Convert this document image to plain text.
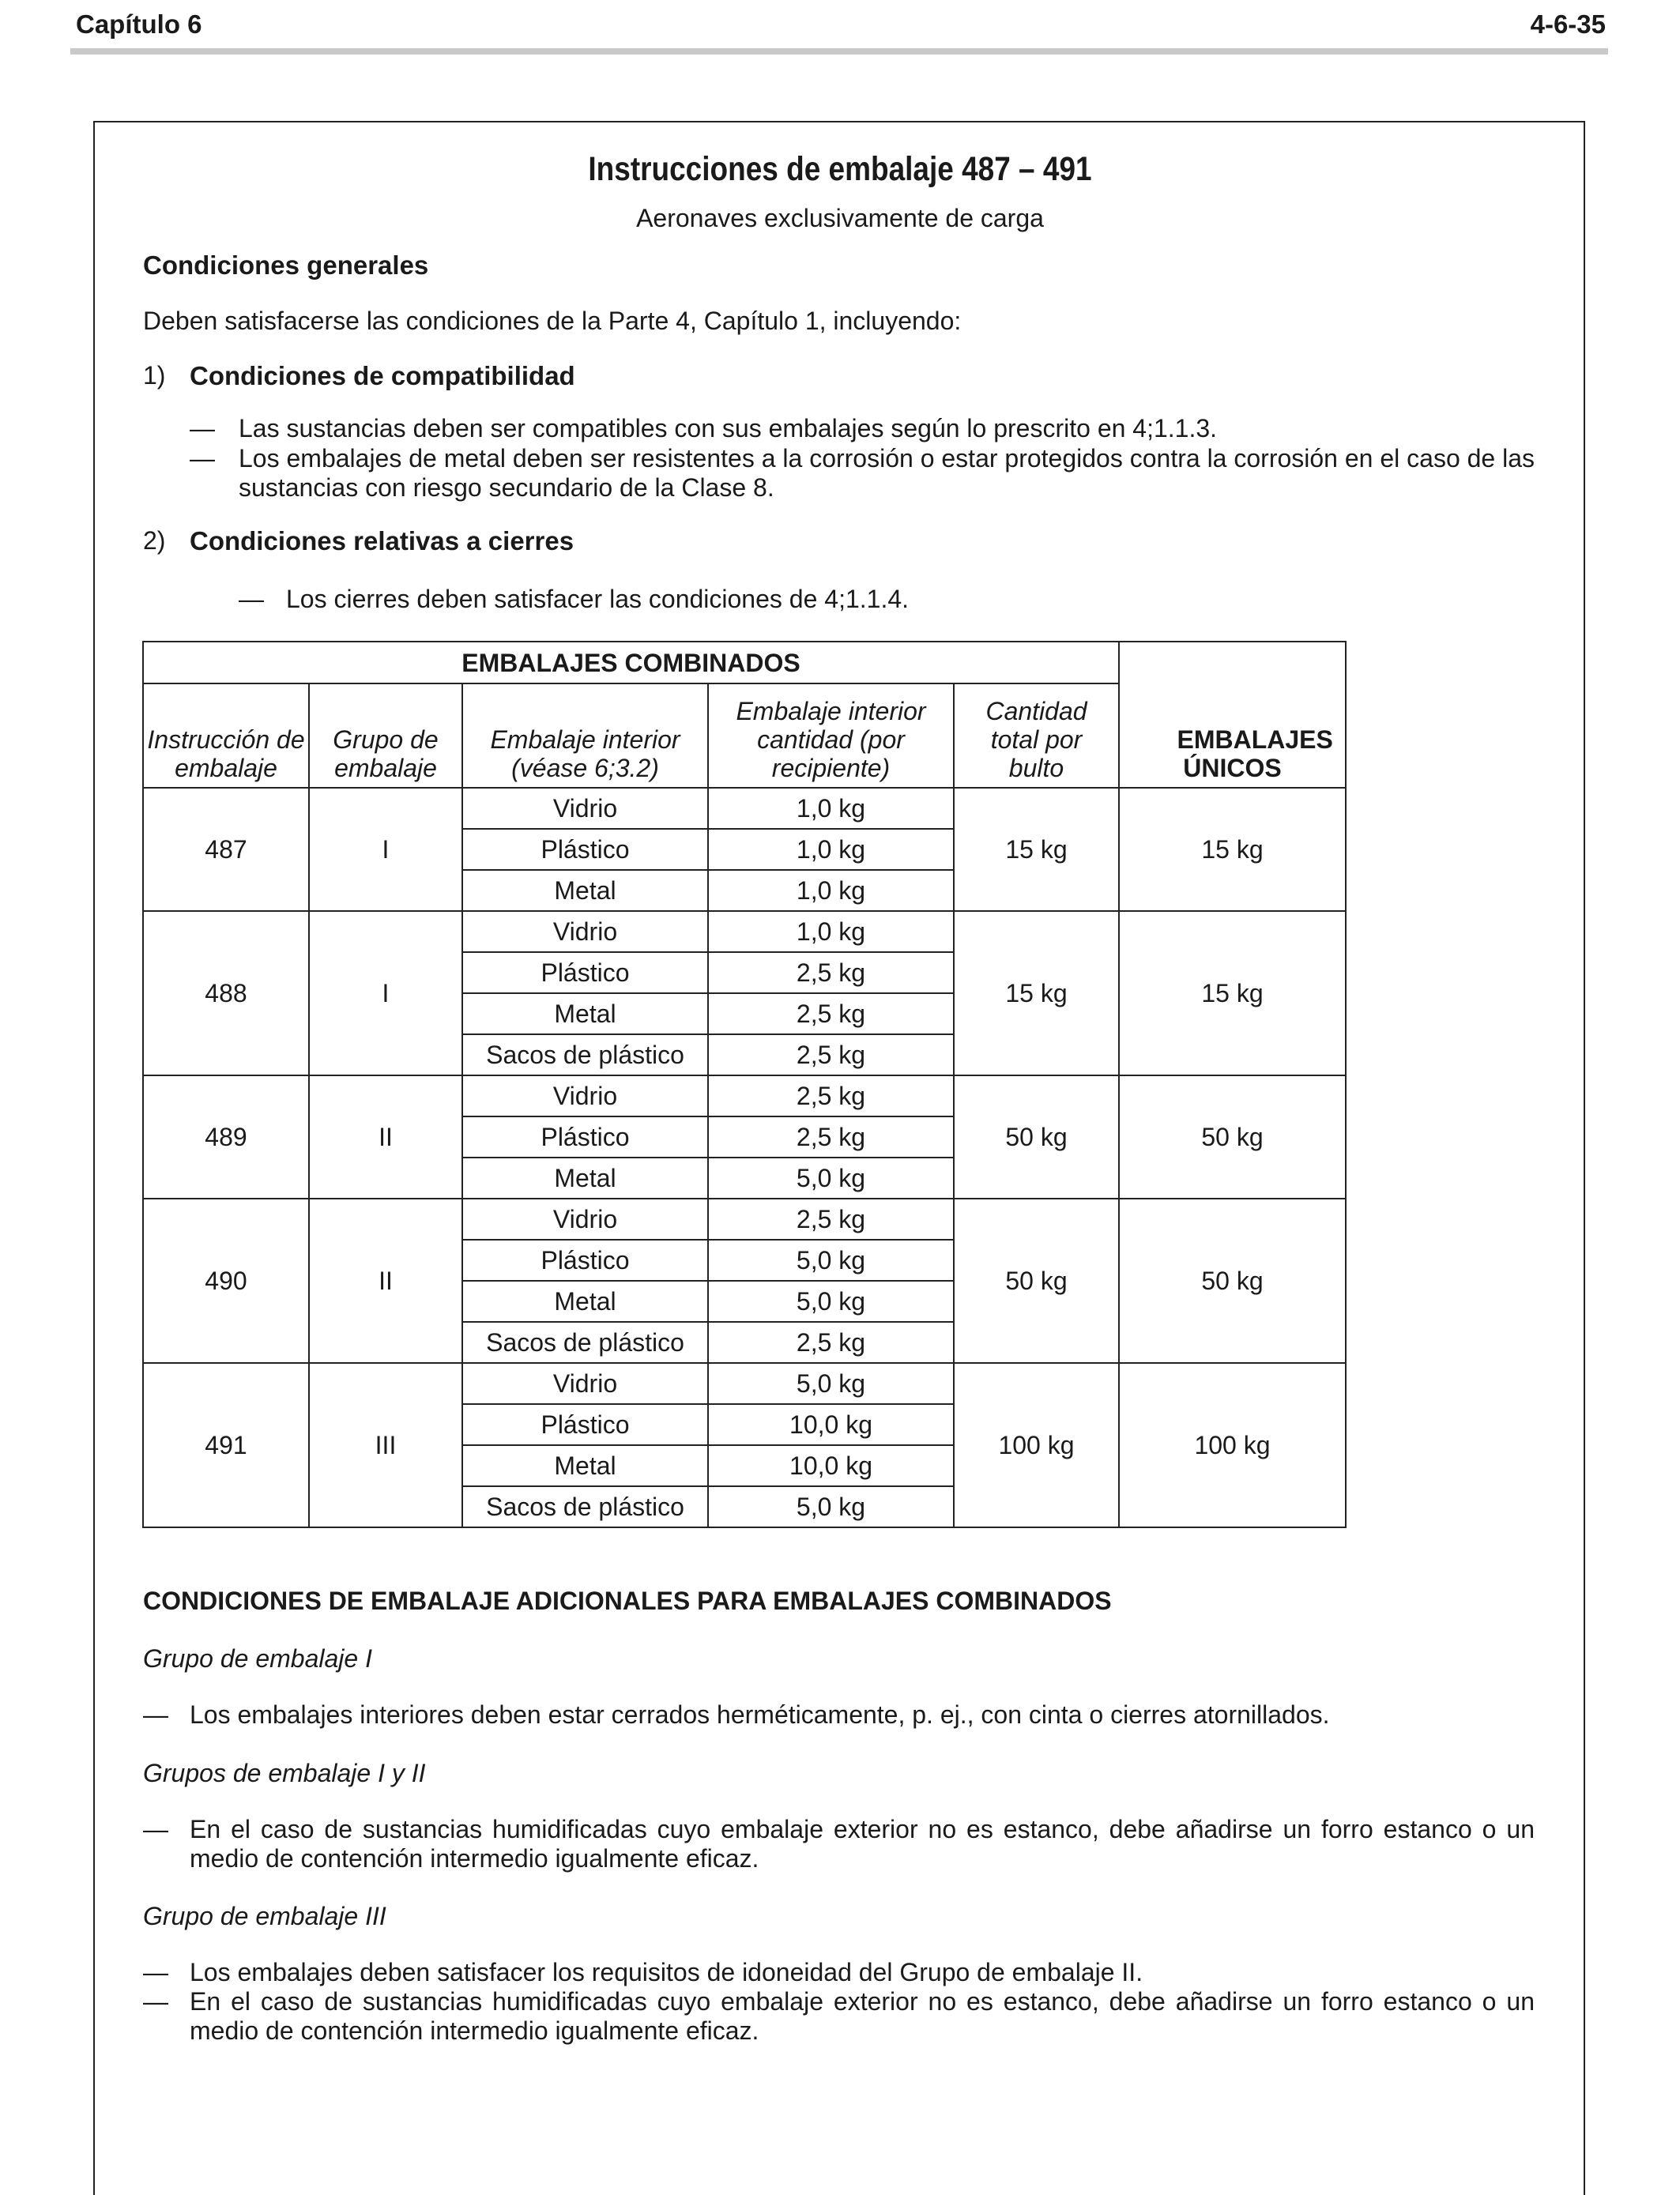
Capítulo 6	4-6-35
Instrucciones de embalaje 487 – 491
Aeronaves exclusivamente de carga
Condiciones generales
Deben satisfacerse las condiciones de la Parte 4, Capítulo 1, incluyendo:
1) Condiciones de compatibilidad
— Las sustancias deben ser compatibles con sus embalajes según lo prescrito en 4;1.1.3.
— Los embalajes de metal deben ser resistentes a la corrosión o estar protegidos contra la corrosión en el caso de las sustancias con riesgo secundario de la Clase 8.
2) Condiciones relativas a cierres
— Los cierres deben satisfacer las condiciones de 4;1.1.4.
EMBALAJES COMBINADOS					EMBALAJES ÚNICOS
Instrucción de embalaje	Grupo de embalaje	Embalaje interior (véase 6;3.2)	Embalaje interior cantidad (por recipiente)	Cantidad total por bulto	
487	I	Vidrio	1,0 kg	15 kg	15 kg
		Plástico	1,0 kg		
		Metal	1,0 kg		
488	I	Vidrio	1,0 kg	15 kg	15 kg
		Plástico	2,5 kg		
		Metal	2,5 kg		
		Sacos de plástico	2,5 kg		
489	II	Vidrio	2,5 kg	50 kg	50 kg
		Plástico	2,5 kg		
		Metal	5,0 kg		
490	II	Vidrio	2,5 kg	50 kg	50 kg
		Plástico	5,0 kg		
		Metal	5,0 kg		
		Sacos de plástico	2,5 kg		
491	III	Vidrio	5,0 kg	100 kg	100 kg
		Plástico	10,0 kg		
		Metal	10,0 kg		
		Sacos de plástico	5,0 kg		
CONDICIONES DE EMBALAJE ADICIONALES PARA EMBALAJES COMBINADOS
Grupo de embalaje I
— Los embalajes interiores deben estar cerrados herméticamente, p. ej., con cinta o cierres atornillados.
Grupos de embalaje I y II
— En el caso de sustancias humidificadas cuyo embalaje exterior no es estanco, debe añadirse un forro estanco o un medio de contención intermedio igualmente eficaz.
Grupo de embalaje III
— Los embalajes deben satisfacer los requisitos de idoneidad del Grupo de embalaje II.
— En el caso de sustancias humidificadas cuyo embalaje exterior no es estanco, debe añadirse un forro estanco o un medio de contención intermedio igualmente eficaz.
